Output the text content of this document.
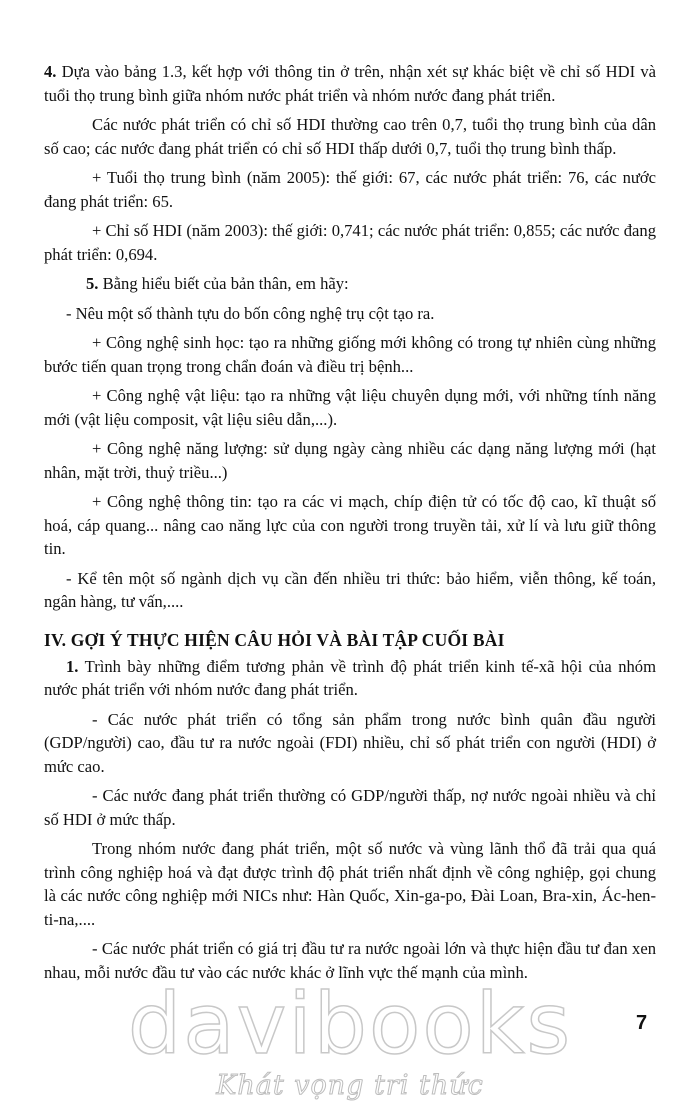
4. Dựa vào bảng 1.3, kết hợp với thông tin ở trên, nhận xét sự khác biệt về chỉ số HDI và tuổi thọ trung bình giữa nhóm nước phát triển và nhóm nước đang phát triển.

Các nước phát triển có chỉ số HDI thường cao trên 0,7, tuổi thọ trung bình của dân số cao; các nước đang phát triển có chỉ số HDI thấp dưới 0,7, tuổi thọ trung bình thấp.

+ Tuổi thọ trung bình (năm 2005): thế giới: 67, các nước phát triển: 76, các nước đang phát triển: 65.

+ Chỉ số HDI (năm 2003): thế giới: 0,741; các nước phát triển: 0,855; các nước đang phát triển: 0,694.

5. Bằng hiểu biết của bản thân, em hãy:

- Nêu một số thành tựu do bốn công nghệ trụ cột tạo ra.

+ Công nghệ sinh học: tạo ra những giống mới không có trong tự nhiên cùng những bước tiến quan trọng trong chẩn đoán và điều trị bệnh...

+ Công nghệ vật liệu: tạo ra những vật liệu chuyên dụng mới, với những tính năng mới (vật liệu composit, vật liệu siêu dẫn,...).

+ Công nghệ năng lượng: sử dụng ngày càng nhiều các dạng năng lượng mới (hạt nhân, mặt trời, thuỷ triều...)

+ Công nghệ thông tin: tạo ra các vi mạch, chíp điện tử có tốc độ cao, kĩ thuật số hoá, cáp quang... nâng cao năng lực của con người trong truyền tải, xử lí và lưu giữ thông tin.

- Kể tên một số ngành dịch vụ cần đến nhiều tri thức: bảo hiểm, viễn thông, kế toán, ngân hàng, tư vấn,....

IV. GỢI Ý THỰC HIỆN CÂU HỎI VÀ BÀI TẬP CUỐI BÀI

1. Trình bày những điểm tương phản về trình độ phát triển kinh tế-xã hội của nhóm nước phát triển với nhóm nước đang phát triển.

- Các nước phát triển có tổng sản phẩm trong nước bình quân đầu người (GDP/người) cao, đầu tư ra nước ngoài (FDI) nhiều, chỉ số phát triển con người (HDI) ở mức cao.

- Các nước đang phát triển thường có GDP/người thấp, nợ nước ngoài nhiều và chỉ số HDI ở mức thấp.

Trong nhóm nước đang phát triển, một số nước và vùng lãnh thổ đã trải qua quá trình công nghiệp hoá và đạt được trình độ phát triển nhất định về công nghiệp, gọi chung là các nước công nghiệp mới NICs như: Hàn Quốc, Xin-ga-po, Đài Loan, Bra-xin, Ác-hen-ti-na,....

- Các nước phát triển có giá trị đầu tư ra nước ngoài lớn và thực hiện đầu tư đan xen nhau, mỗi nước đầu tư vào các nước khác ở lĩnh vực thế mạnh của mình.

7
davibooks
Khát vọng tri thức
